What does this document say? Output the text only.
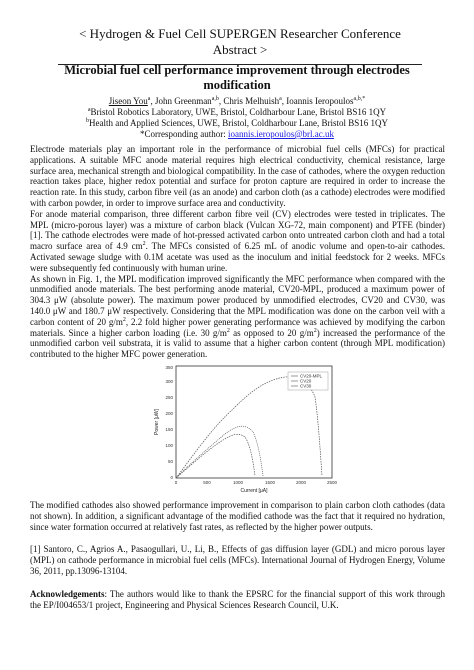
< Hydrogen & Fuel Cell SUPERGEN Researcher Conference Abstract >
Microbial fuel cell performance improvement through electrodes
modification
Jiseon You$^a$, John Greenman$^{a,b}$, Chris Melhuish$^a$, Ioannis Ieropoulos$^{a,b,*}$
$^a$Bristol Robotics Laboratory, UWE, Bristol, Coldharbour Lane, Bristol BS16 1QY
$^b$Health and Applied Sciences, UWE, Bristol, Coldharbour Lane, Bristol BS16 1QY
*Corresponding author: ioannis.ieropoulos@brl.ac.uk

Electrode materials play an important role in the performance of microbial fuel cells (MFCs) for practical applications. A suitable MFC anode material requires high electrical conductivity, chemical resistance, large surface area, mechanical strength and biological compatibility. In the case of cathodes, where the oxygen reduction reaction takes place, higher redox potential and surface for proton capture are required in order to increase the reaction rate. In this study, carbon fibre veil (as an anode) and carbon cloth (as a cathode) electrodes were modified with carbon powder, in order to improve surface area and conductivity.

For anode material comparison, three different carbon fibre veil (CV) electrodes were tested in triplicates. The MPL (micro-porous layer) was a mixture of carbon black (Vulcan XG-72, main component) and PTFE (binder) [1]. The cathode electrodes were made of hot-pressed activated carbon onto untreated carbon cloth and had a total macro surface area of 4.9 $cm^2$. The MFCs consisted of 6.25 mL of anodic volume and open-to-air cathodes. Activated sewage sludge with 0.1M acetate was used as the inoculum and initial feedstock for 2 weeks. MFCs were subsequently fed continuously with human urine.

As shown in Fig. 1, the MPL modification improved significantly the MFC performance when compared with the unmodified anode materials. The best performing anode material, CV20-MPL, produced a maximum power of 304.3 μW (absolute power). The maximum power produced by unmodified electrodes, CV20 and CV30, was 140.0 μW and 180.7 μW respectively. Considering that the MPL modification was done on the carbon veil with a carbon content of 20 $g/m^2$, 2.2 fold higher power generating performance was achieved by modifying the carbon materials. Since a higher carbon loading (i.e. 30 $g/m^2$ as opposed to 20 $g/m^2$) increased the performance of the unmodified carbon veil substrata, it is valid to assume that a higher carbon content (through MPL modification) contributed to the higher MFC power generation.

0
50
100
150
200
250
300
350
0	500	1000	1500	2000	2500
Current [μA]
Power [μW]
CV20-MPL
CV20
CV30

The modified cathodes also showed performance improvement in comparison to plain carbon cloth cathodes (data not shown). In addition, a significant advantage of the modified cathode was the fact that it required no hydration, since water formation occurred at relatively fast rates, as reflected by the higher power outputs.

[1] Santoro, C., Agrios A., Pasaogullari, U., Li, B., Effects of gas diffusion layer (GDL) and micro porous layer (MPL) on cathode performance in microbial fuel cells (MFCs). International Journal of Hydrogen Energy, Volume 36, 2011, pp.13096-13104.

Acknowledgements: The authors would like to thank the EPSRC for the financial support of this work through the EP/I004653/1 project, Engineering and Physical Sciences Research Council, U.K.
